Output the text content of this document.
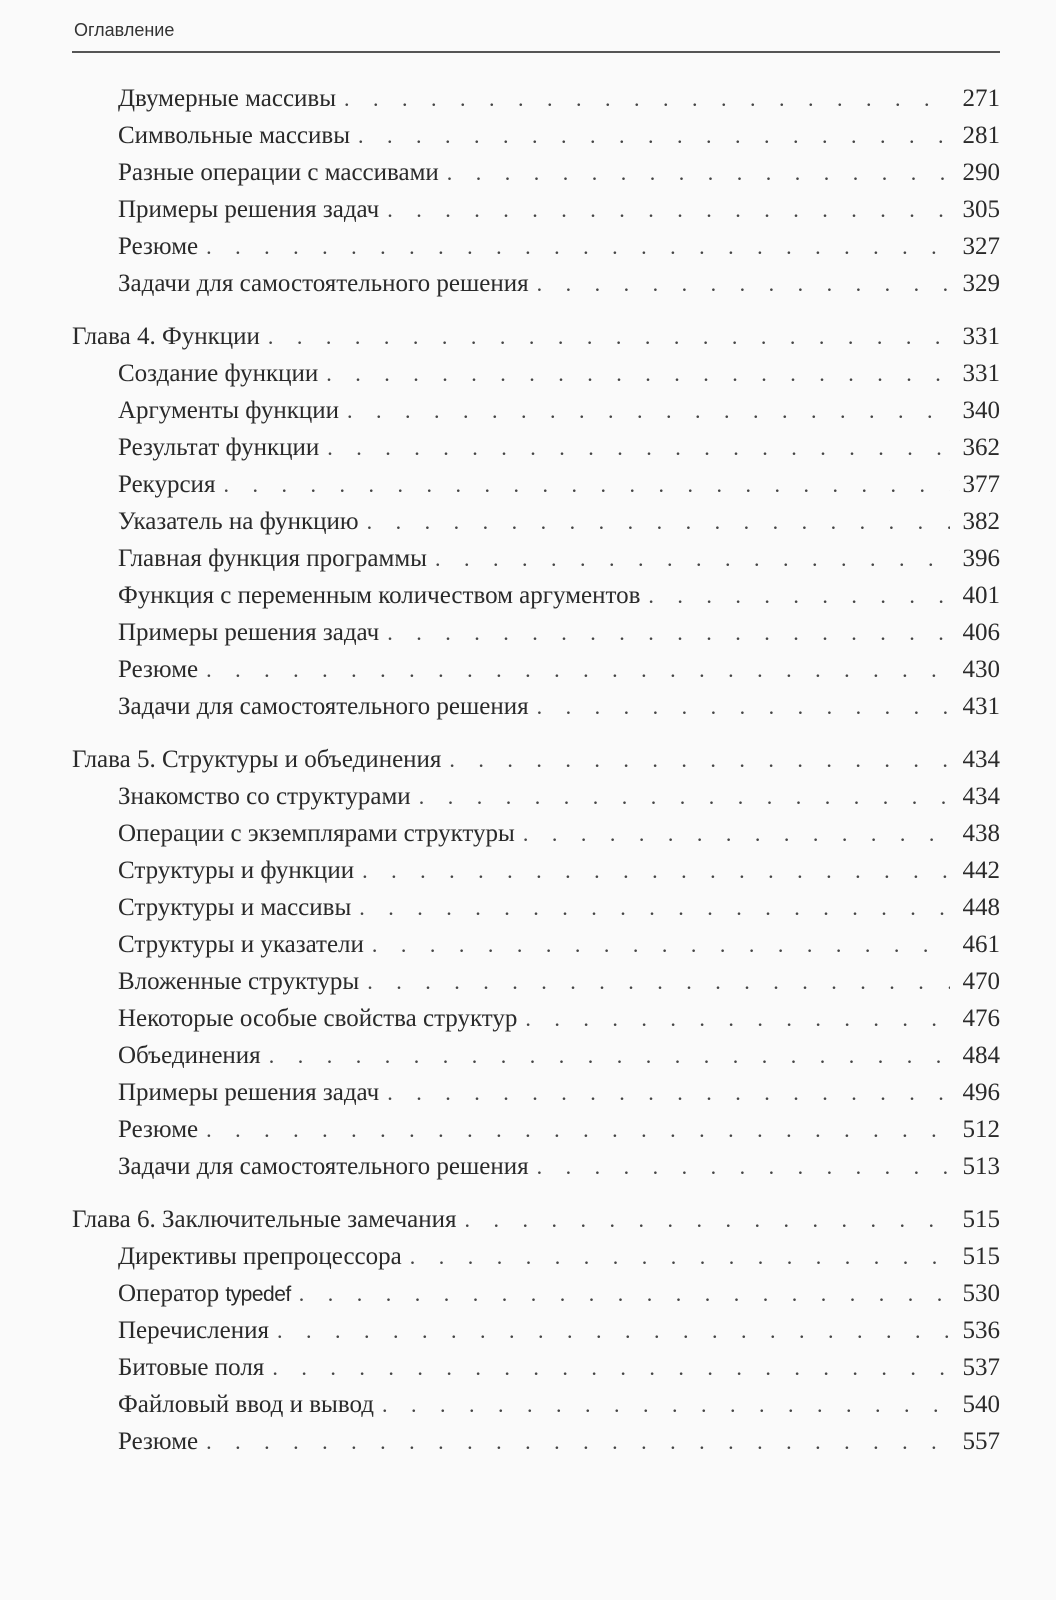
Оглавление
Двумерные массивы . . .	271
Символьные массивы . . .	281
Разные операции с массивами . . .	290
Примеры решения задач . . .	305
Резюме . . .	327
Задачи для самостоятельного решения . . .	329
Глава 4. Функции . . .	331
Создание функции . . .	331
Аргументы функции . . .	340
Результат функции . . .	362
Рекурсия . . .	377
Указатель на функцию . . .	382
Главная функция программы . . .	396
Функция с переменным количеством аргументов . . .	401
Примеры решения задач . . .	406
Резюме . . .	430
Задачи для самостоятельного решения . . .	431
Глава 5. Структуры и объединения . . .	434
Знакомство со структурами . . .	434
Операции с экземплярами структуры . . .	438
Структуры и функции . . .	442
Структуры и массивы . . .	448
Структуры и указатели . . .	461
Вложенные структуры . . .	470
Некоторые особые свойства структур . . .	476
Объединения . . .	484
Примеры решения задач . . .	496
Резюме . . .	512
Задачи для самостоятельного решения . . .	513
Глава 6. Заключительные замечания . . .	515
Директивы препроцессора . . .	515
Оператор typedef . . .	530
Перечисления . . .	536
Битовые поля . . .	537
Файловый ввод и вывод . . .	540
Резюме . . .	557
